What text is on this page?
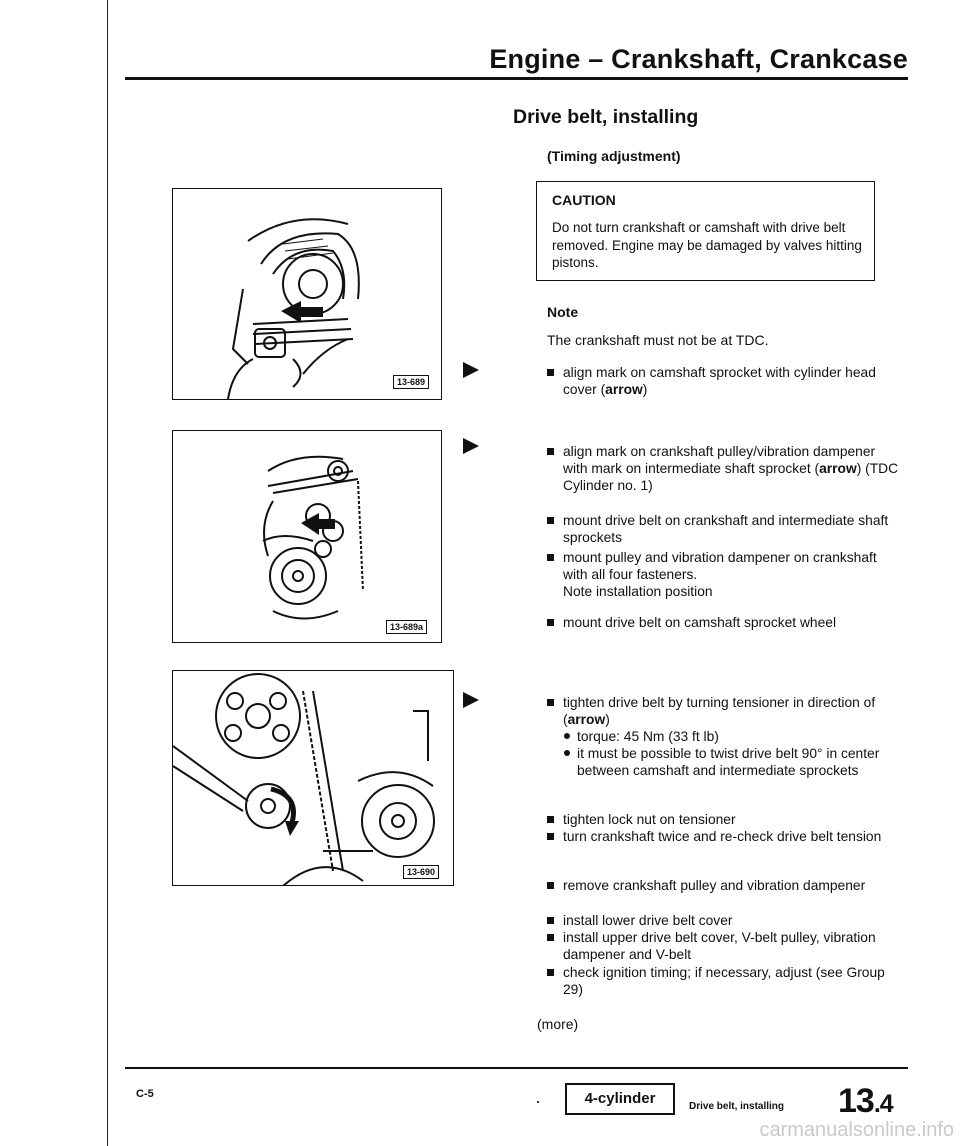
Engine – Crankshaft, Crankcase
Drive belt, installing
(Timing adjustment)
CAUTION
Do not turn crankshaft or camshaft with drive belt removed. Engine may be damaged by valves hitting pistons.
Note
The crankshaft must not be at TDC.
align mark on camshaft sprocket with cylinder head cover (arrow)
align mark on crankshaft pulley/vibration dampener with mark on intermediate shaft sprocket (arrow) (TDC Cylinder no. 1)
mount drive belt on crankshaft and intermediate shaft sprockets
mount pulley and vibration dampener on crankshaft with all four fasteners.
Note installation position
mount drive belt on camshaft sprocket wheel
tighten drive belt by turning tensioner in direction of (arrow)
torque: 45 Nm (33 ft lb)
it must be possible to twist drive belt 90° in center between camshaft and intermediate sprockets
tighten lock nut on tensioner
turn crankshaft twice and re-check drive belt tension
remove crankshaft pulley and vibration dampener
install lower drive belt cover
install upper drive belt cover, V-belt pulley, vibration dampener and V-belt
check ignition timing; if necessary, adjust (see Group 29)
(more)
13-689
13-689a
13-690
C-5	4-cylinder	Drive belt, installing 13.4
carmanualsonline.info
